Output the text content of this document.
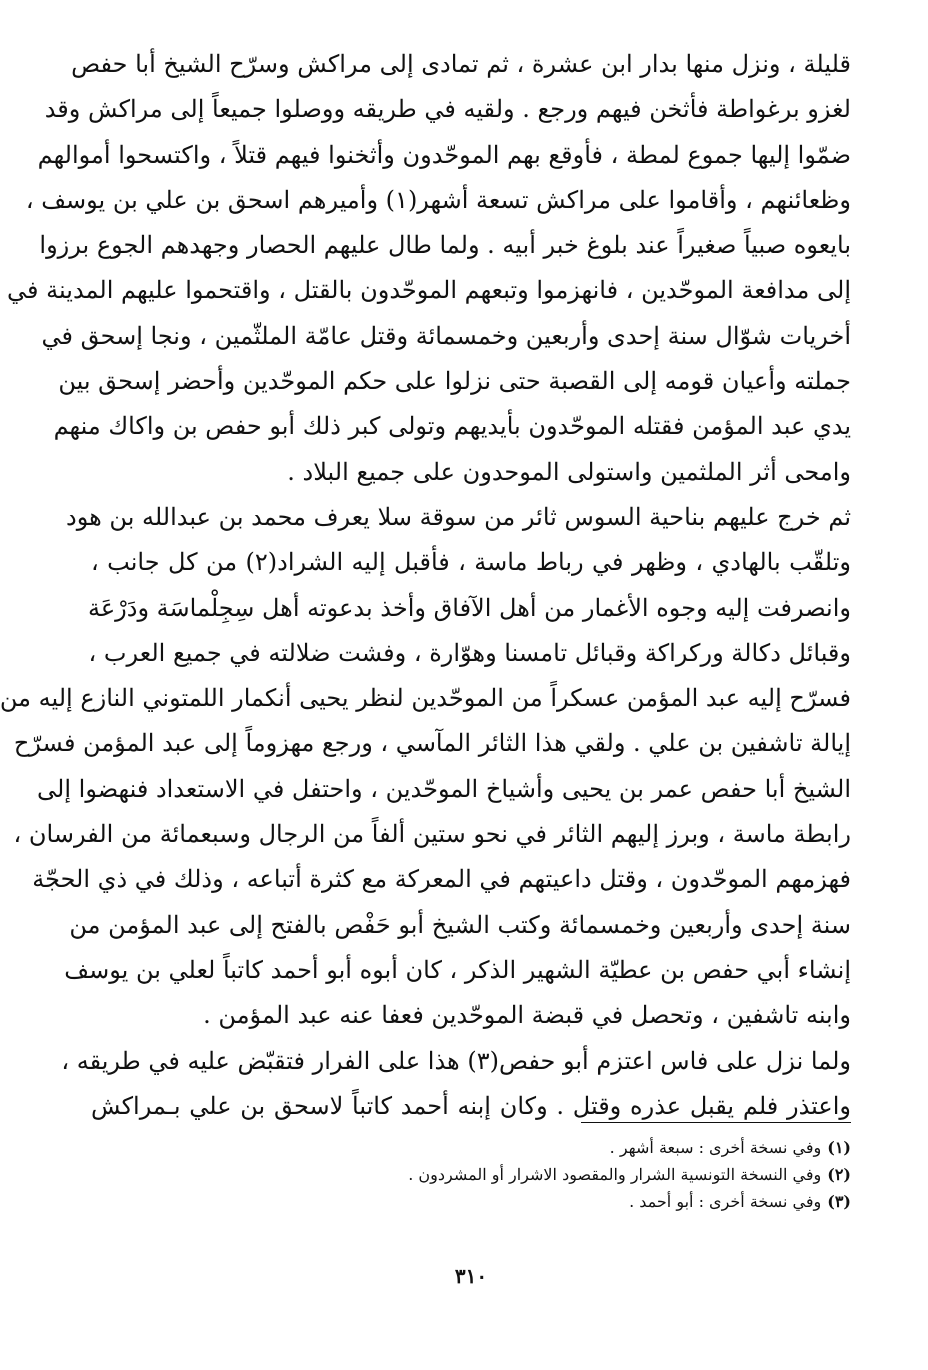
قليلة ، ونزل منها بدار ابن عشرة ، ثم تمادى إلى مراكش وسرّح الشيخ أبا حفص
لغزو برغواطة فأثخن فيهم ورجع . ولقيه في طريقه ووصلوا جميعاً إلى مراكش وقد
ضمّوا إليها جموع لمطة ، فأوقع بهم الموحّدون وأثخنوا فيهم قتلاً ، واكتسحوا أموالهم
وظعائنهم ، وأقاموا على مراكش تسعة أشهر(١) وأميرهم اسحق بن علي بن يوسف ،
بايعوه صبياً صغيراً عند بلوغ خبر أبيه . ولما طال عليهم الحصار وجهدهم الجوع برزوا
إلى مدافعة الموحّدين ، فانهزموا وتبعهم الموحّدون بالقتل ، واقتحموا عليهم المدينة في
أخريات شوّال سنة إحدى وأربعين وخمسمائة وقتل عامّة الملثّمين ، ونجا إسحق في
جملته وأعيان قومه إلى القصبة حتى نزلوا على حكم الموحّدين وأحضر إسحق بين
يدي عبد المؤمن فقتله الموحّدون بأيديهم وتولى كبر ذلك أبو حفص بن واكاك منهم
وامحى أثر الملثمين واستولى الموحدون على جميع البلاد .

ثم خرج عليهم بناحية السوس ثائر من سوقة سلا يعرف محمد بن عبدالله بن هود
وتلقّب بالهادي ، وظهر في رباط ماسة ، فأقبل إليه الشراد(٢) من كل جانب ،
وانصرفت إليه وجوه الأغمار من أهل الآفاق وأخذ بدعوته أهل سِجِلْماسَة ودَرْعَة
وقبائل دكالة وركراكة وقبائل تامسنا وهوّارة ، وفشت ضلالته في جميع العرب ،
فسرّح إليه عبد المؤمن عسكراً من الموحّدين لنظر يحيى أنكمار اللمتوني النازع إليه من
إيالة تاشفين بن علي . ولقي هذا الثائر المآسي ، ورجع مهزوماً إلى عبد المؤمن فسرّح
الشيخ أبا حفص عمر بن يحيى وأشياخ الموحّدين ، واحتفل في الاستعداد فنهضوا إلى
رابطة ماسة ، وبرز إليهم الثائر في نحو ستين ألفاً من الرجال وسبعمائة من الفرسان ،
فهزمهم الموحّدون ، وقتل داعيتهم في المعركة مع كثرة أتباعه ، وذلك في ذي الحجّة
سنة إحدى وأربعين وخمسمائة وكتب الشيخ أبو حَفْص بالفتح إلى عبد المؤمن من
إنشاء أبي حفص بن عطيّة الشهير الذكر ، كان أبوه أبو أحمد كاتباً لعلي بن يوسف
وابنه تاشفين ، وتحصل في قبضة الموحّدين فعفا عنه عبد المؤمن .

ولما نزل على فاس اعتزم أبو حفص(٣) هذا على الفرار فتقبّض عليه في طريقه ،
واعتذر فلم يقبل عذره وقتل . وكان إبنه أحمد كاتباً لاسحق بن علي بـمراكش

(١)وفي نسخة أخرى : سبعة أشهر .
(٢)وفي النسخة التونسية الشرار والمقصود الاشرار أو المشردون .
(٣)وفي نسخة أخرى : أبو أحمد .
٣١٠
